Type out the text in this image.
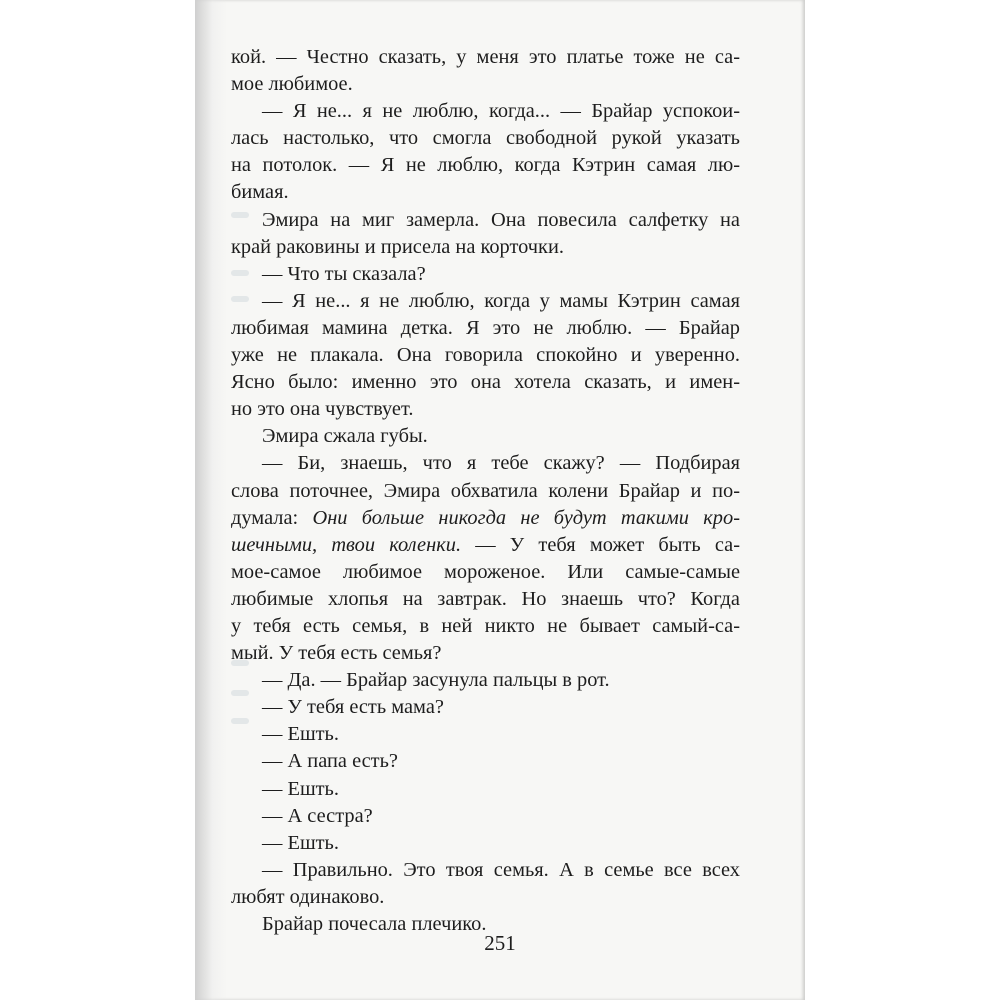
кой. — Честно сказать, у меня это платье тоже не са-
мое любимое.
— Я не... я не люблю, когда... — Брайар успокои-
лась настолько, что смогла свободной рукой указать
на потолок. — Я не люблю, когда Кэтрин самая лю-
бимая.
Эмира на миг замерла. Она повесила салфетку на
край раковины и присела на корточки.
— Что ты сказала?
— Я не... я не люблю, когда у мамы Кэтрин самая
любимая мамина детка. Я это не люблю. — Брайар
уже не плакала. Она говорила спокойно и уверенно.
Ясно было: именно это она хотела сказать, и имен-
но это она чувствует.
Эмира сжала губы.
— Би, знаешь, что я тебе скажу? — Подбирая
слова поточнее, Эмира обхватила колени Брайар и по-
думала: Они больше никогда не будут такими кро-
шечными, твои коленки. — У тебя может быть са-
мое-самое любимое мороженое. Или самые-самые
любимые хлопья на завтрак. Но знаешь что? Когда
у тебя есть семья, в ней никто не бывает самый-са-
мый. У тебя есть семья?
— Да. — Брайар засунула пальцы в рот.
— У тебя есть мама?
— Ешть.
— А папа есть?
— Ешть.
— А сестра?
— Ешть.
— Правильно. Это твоя семья. А в семье все всех
любят одинаково.
Брайар почесала плечико.
251
